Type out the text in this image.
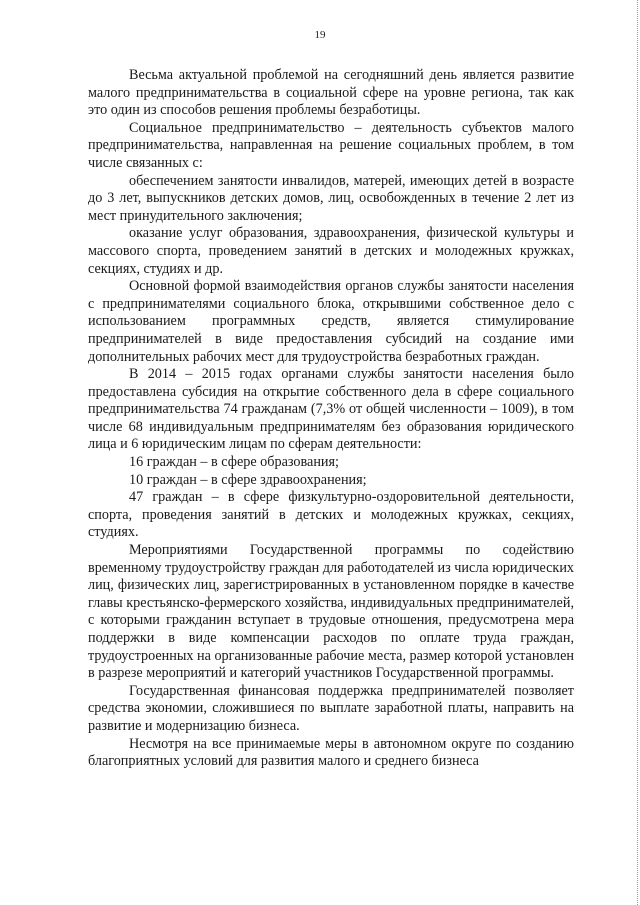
19

Весьма актуальной проблемой на сегодняшний день является развитие малого предпринимательства в социальной сфере на уровне региона, так как это один из способов решения проблемы безработицы.

Социальное предпринимательство – деятельность субъектов малого предпринимательства, направленная на решение социальных проблем, в том числе связанных с:

обеспечением занятости инвалидов, матерей, имеющих детей в возрасте до 3 лет, выпускников детских домов, лиц, освобожденных в течение 2 лет из мест принудительного заключения;

оказание услуг образования, здравоохранения, физической культуры и массового спорта, проведением занятий в детских и молодежных кружках, секциях, студиях и др.

Основной формой взаимодействия органов службы занятости населения с предпринимателями социального блока, открывшими собственное дело с использованием программных средств, является стимулирование предпринимателей в виде предоставления субсидий на создание ими дополнительных рабочих мест для трудоустройства безработных граждан.

В 2014 – 2015 годах органами службы занятости населения было предоставлена субсидия на открытие собственного дела в сфере социального предпринимательства 74 гражданам (7,3% от общей численности – 1009), в том числе 68 индивидуальным предпринимателям без образования юридического лица и 6 юридическим лицам по сферам деятельности:

16 граждан – в сфере образования;

10 граждан – в сфере здравоохранения;

47 граждан – в сфере физкультурно-оздоровительной деятельности, спорта, проведения занятий в детских и молодежных кружках, секциях, студиях.

Мероприятиями Государственной программы по содействию временному трудоустройству граждан для работодателей из числа юридических лиц, физических лиц, зарегистрированных в установленном порядке в качестве главы крестьянско-фермерского хозяйства, индивидуальных предпринимателей, с которыми гражданин вступает в трудовые отношения, предусмотрена мера поддержки в виде компенсации расходов по оплате труда граждан, трудоустроенных на организованные рабочие места, размер которой установлен в разрезе мероприятий и категорий участников Государственной программы.

Государственная финансовая поддержка предпринимателей позволяет средства экономии, сложившиеся по выплате заработной платы, направить на развитие и модернизацию бизнеса.

Несмотря на все принимаемые меры в автономном округе по созданию благоприятных условий для развития малого и среднего бизнеса
